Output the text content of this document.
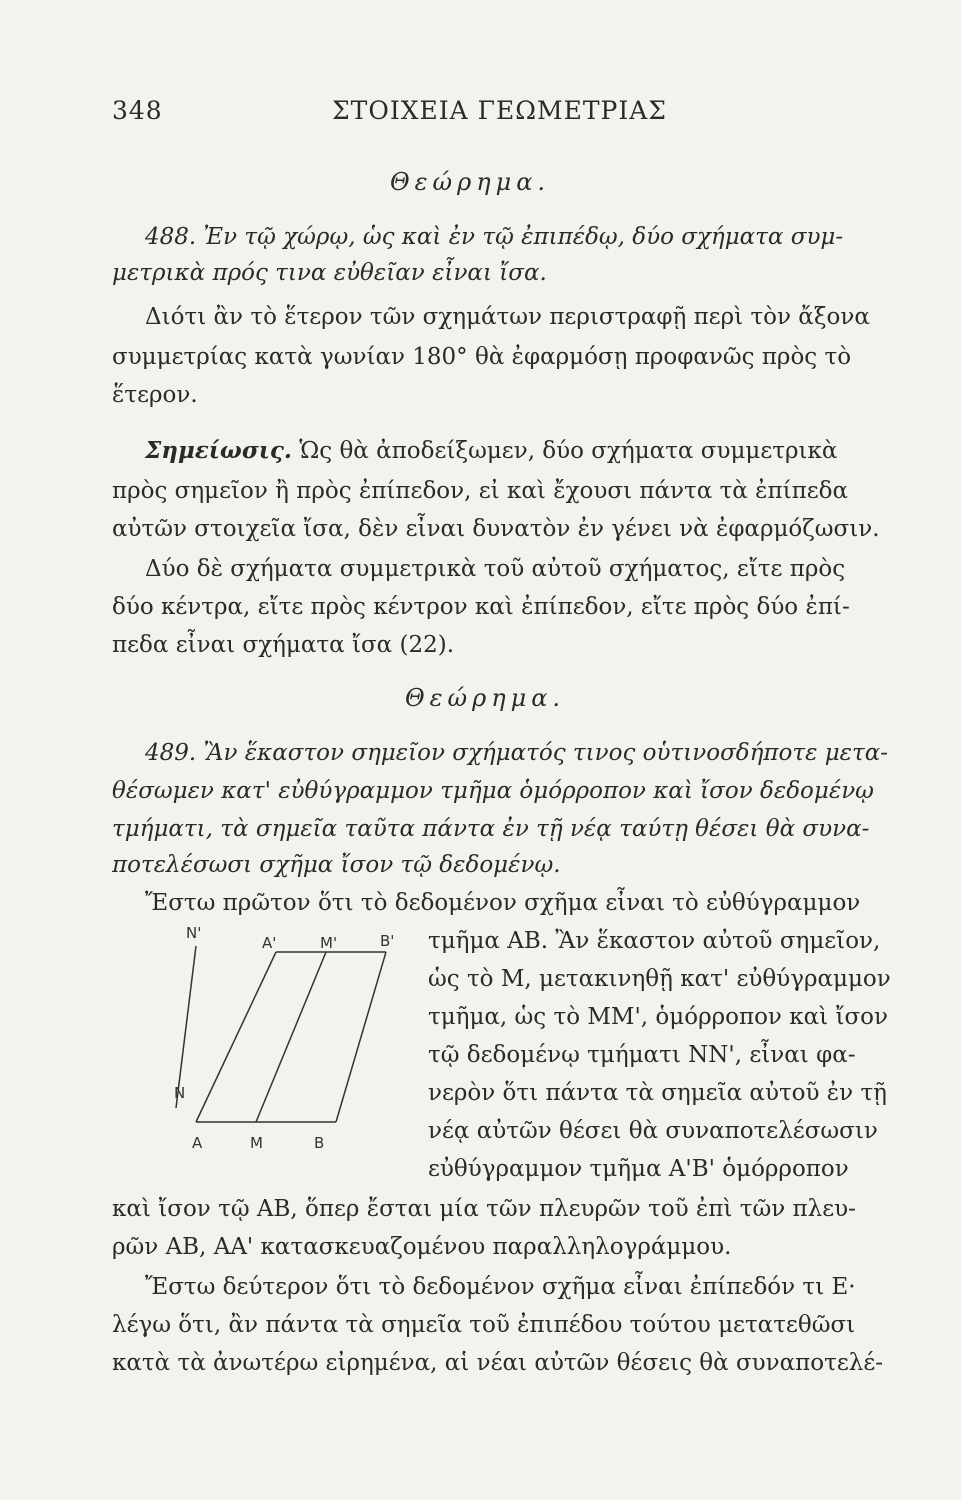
348	ΣΤΟΙΧΕΙΑ ΓΕΩΜΕΤΡΙΑΣ
Θεώρημα.
488. Ἐν τῷ χώρῳ, ὡς καὶ ἐν τῷ ἐπιπέδῳ, δύο σχήματα συμ-
μετρικὰ πρός τινα εὐθεῖαν εἶναι ἴσα.
Διότι ἂν τὸ ἕτερον τῶν σχημάτων περιστραφῇ περὶ τὸν ἄξονα
συμμετρίας κατὰ γωνίαν 180° θὰ ἐφαρμόσῃ προφανῶς πρὸς τὸ
ἕτερον.
Σημείωσις. Ὡς θὰ ἀποδείξωμεν, δύο σχήματα συμμετρικὰ
πρὸς σημεῖον ἢ πρὸς ἐπίπεδον, εἰ καὶ ἔχουσι πάντα τὰ ἐπίπεδα
αὐτῶν στοιχεῖα ἴσα, δὲν εἶναι δυνατὸν ἐν γένει νὰ ἐφαρμόζωσιν.
Δύο δὲ σχήματα συμμετρικὰ τοῦ αὐτοῦ σχήματος, εἴτε πρὸς
δύο κέντρα, εἴτε πρὸς κέντρον καὶ ἐπίπεδον, εἴτε πρὸς δύο ἐπί-
πεδα εἶναι σχήματα ἴσα (22).
Θεώρημα.
489. Ἂν ἕκαστον σημεῖον σχήματός τινος οὑτινοσδήποτε μετα-
θέσωμεν κατ' εὐθύγραμμον τμῆμα ὁμόρροπον καὶ ἴσον δεδομένῳ
τμήματι, τὰ σημεῖα ταῦτα πάντα ἐν τῇ νέᾳ ταύτῃ θέσει θὰ συνα-
ποτελέσωσι σχῆμα ἴσον τῷ δεδομένῳ.
Ἔστω πρῶτον ὅτι τὸ δεδομένον σχῆμα εἶναι τὸ εὐθύγραμμον
τμῆμα AB. Ἂν ἕκαστον αὐτοῦ σημεῖον,
ὡς τὸ M, μετακινηθῇ κατ' εὐθύγραμμον
τμῆμα, ὡς τὸ MM', ὁμόρροπον καὶ ἴσον
τῷ δεδομένῳ τμήματι NN', εἶναι φα-
νερὸν ὅτι πάντα τὰ σημεῖα αὐτοῦ ἐν τῇ
νέᾳ αὐτῶν θέσει θὰ συναποτελέσωσιν
εὐθύγραμμον τμῆμα A'B' ὁμόρροπον
N'
A'	M'	B'
N
A	M	B
καὶ ἴσον τῷ AB, ὅπερ ἔσται μία τῶν πλευρῶν τοῦ ἐπὶ τῶν πλευ-
ρῶν AB, AA' κατασκευαζομένου παραλληλογράμμου.
Ἔστω δεύτερον ὅτι τὸ δεδομένον σχῆμα εἶναι ἐπίπεδόν τι E·
λέγω ὅτι, ἂν πάντα τὰ σημεῖα τοῦ ἐπιπέδου τούτου μετατεθῶσι
κατὰ τὰ ἀνωτέρω εἰρημένα, αἱ νέαι αὐτῶν θέσεις θὰ συναποτελέ-
